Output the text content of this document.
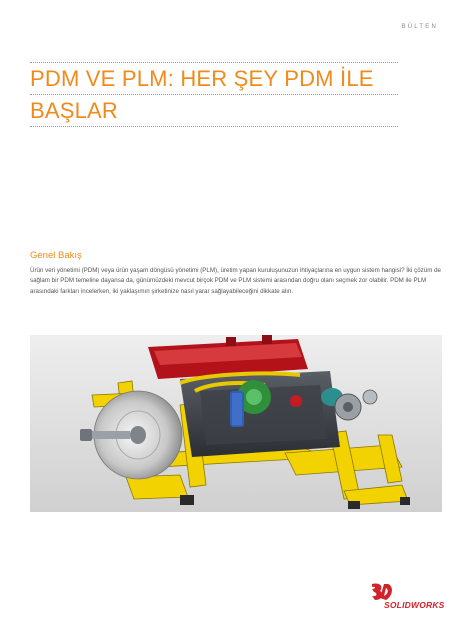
BÜLTEN
PDM VE PLM: HER ŞEY PDM İLE
BAŞLAR
Genel Bakış
Ürün veri yönetimi (PDM) veya ürün yaşam döngüsü yönetimi (PLM), üretim yapan kuruluşunuzun ihtiyaçlarına en uygun sistem hangisi? İki çözüm de sağlam bir PDM temeline dayansa da, günümüzdeki mevcut birçok PDM ve PLM sistemi arasından doğru olanı seçmek zor olabilir. PDM ile PLM arasındaki farkları incelerken, iki yaklaşımın şirketinize nasıl yarar sağlayabileceğini dikkate alın.
SOLIDWORKS
